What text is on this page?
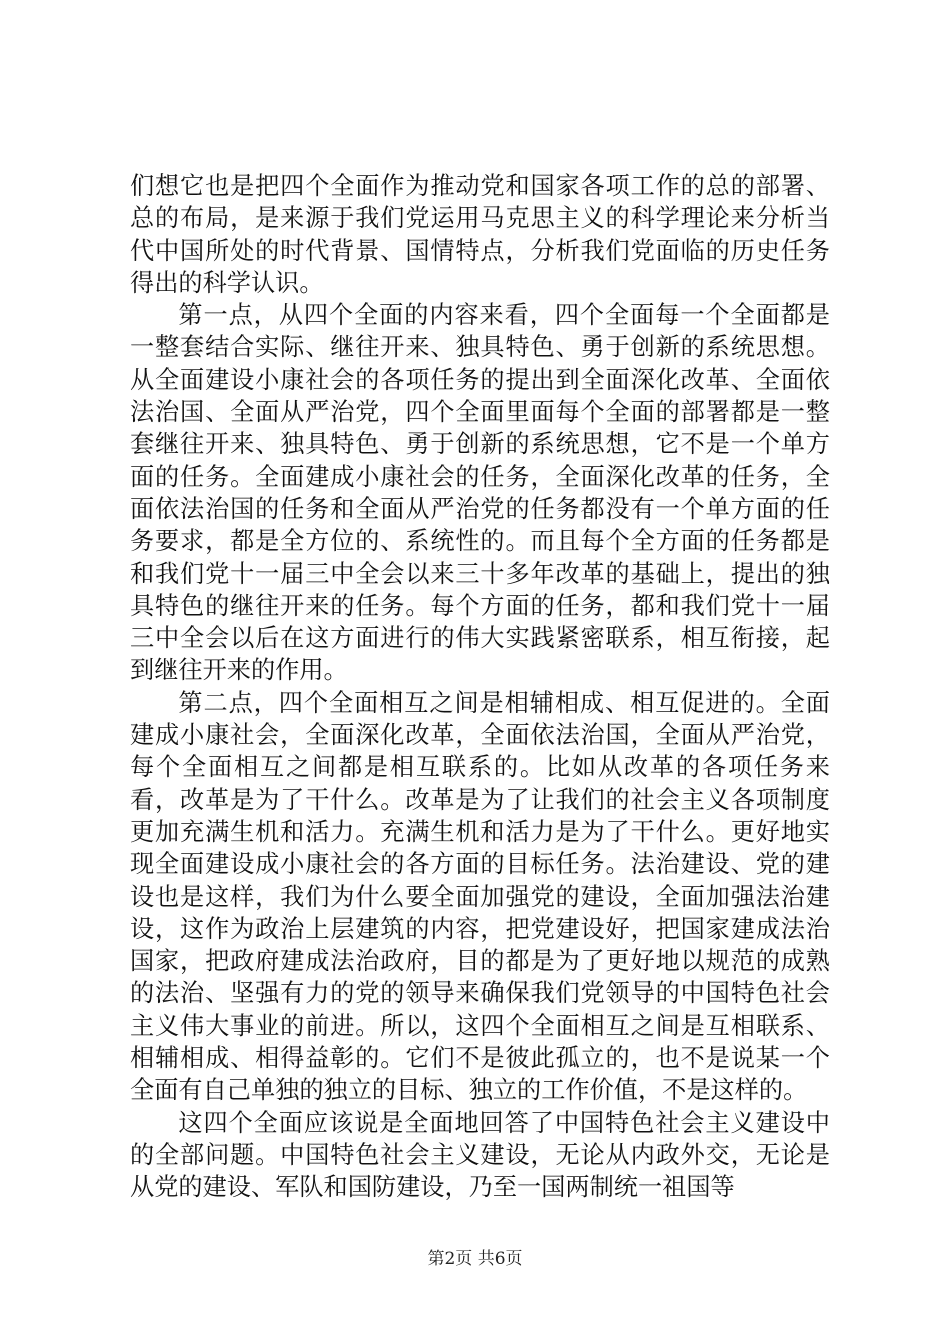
们想它也是把四个全面作为推动党和国家各项工作的总的部署、总的布局，是来源于我们党运用马克思主义的科学理论来分析当代中国所处的时代背景、国情特点，分析我们党面临的历史任务得出的科学认识。

第一点，从四个全面的内容来看，四个全面每一个全面都是一整套结合实际、继往开来、独具特色、勇于创新的系统思想。从全面建设小康社会的各项任务的提出到全面深化改革、全面依法治国、全面从严治党，四个全面里面每个全面的部署都是一整套继往开来、独具特色、勇于创新的系统思想，它不是一个单方面的任务。全面建成小康社会的任务，全面深化改革的任务，全面依法治国的任务和全面从严治党的任务都没有一个单方面的任务要求，都是全方位的、系统性的。而且每个全方面的任务都是和我们党十一届三中全会以来三十多年改革的基础上，提出的独具特色的继往开来的任务。每个方面的任务，都和我们党十一届三中全会以后在这方面进行的伟大实践紧密联系，相互衔接，起到继往开来的作用。

第二点，四个全面相互之间是相辅相成、相互促进的。全面建成小康社会，全面深化改革，全面依法治国，全面从严治党，每个全面相互之间都是相互联系的。比如从改革的各项任务来看，改革是为了干什么。改革是为了让我们的社会主义各项制度更加充满生机和活力。充满生机和活力是为了干什么。更好地实现全面建设成小康社会的各方面的目标任务。法治建设、党的建设也是这样，我们为什么要全面加强党的建设，全面加强法治建设，这作为政治上层建筑的内容，把党建设好，把国家建成法治国家，把政府建成法治政府，目的都是为了更好地以规范的成熟的法治、坚强有力的党的领导来确保我们党领导的中国特色社会主义伟大事业的前进。所以，这四个全面相互之间是互相联系、相辅相成、相得益彰的。它们不是彼此孤立的，也不是说某一个全面有自己单独的独立的目标、独立的工作价值，不是这样的。

这四个全面应该说是全面地回答了中国特色社会主义建设中的全部问题。中国特色社会主义建设，无论从内政外交，无论是从党的建设、军队和国防建设，乃至一国两制统一祖国等

第2页 共6页
